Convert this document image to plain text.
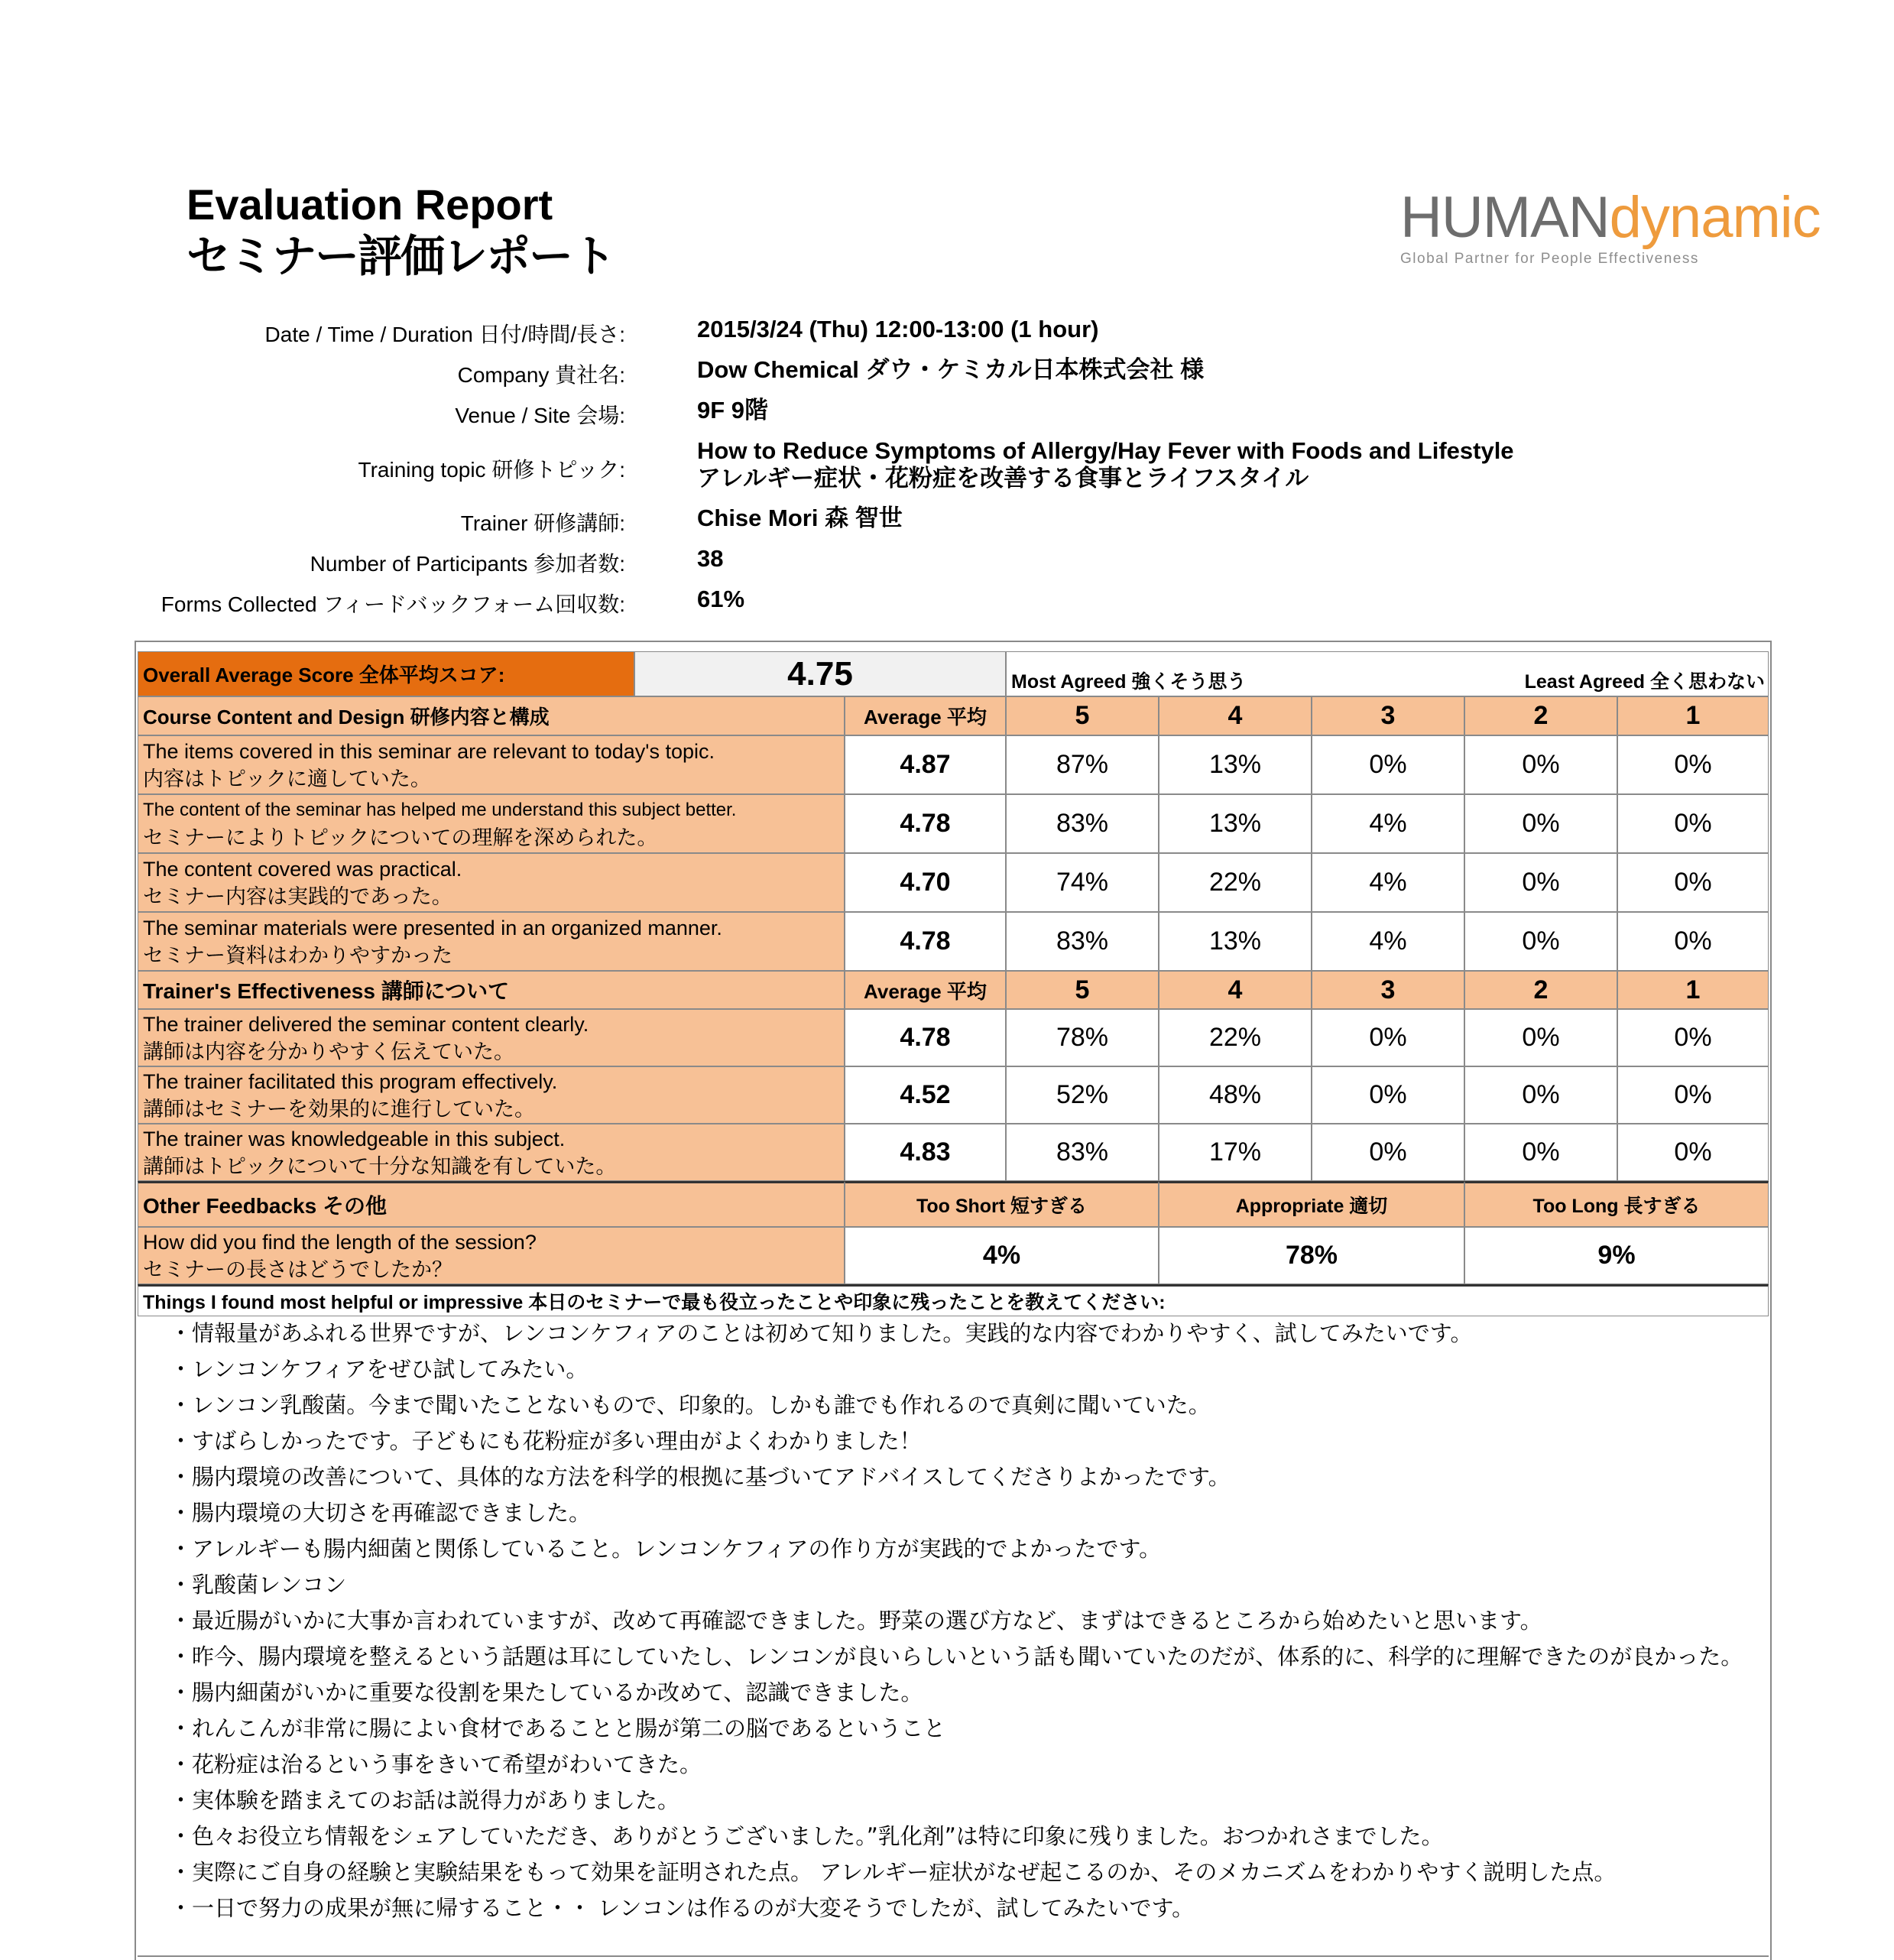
Evaluation Report
セミナー評価レポート
HUMANdynamic
Global Partner for People Effectiveness
Date / Time / Duration 日付/時間/長さ:	2015/3/24 (Thu) 12:00-13:00 (1 hour)
Company 貴社名:	Dow Chemical ダウ・ケミカル日本株式会社 様
Venue / Site 会場:	9F 9階
Training topic 研修トピック:
How to Reduce Symptoms of Allergy/Hay Fever with Foods and Lifestyle
アレルギー症状・花粉症を改善する食事とライフスタイル
Trainer 研修講師:	Chise Mori 森 智世
Number of Participants 参加者数:	38
Forms Collected フィードバックフォーム回収数:	61%
Overall Average Score 全体平均スコア:	4.75	Most Agreed 強くそう思う	Least Agreed 全く思わない
Course Content and Design 研修内容と構成	Average 平均	5	4	3	2	1
The items covered in this seminar are relevant to today's topic.
内容はトピックに適していた。	4.87	87%	13%	0%	0%	0%
The content of the seminar has helped me understand this subject better.
セミナーによりトピックについての理解を深められた。	4.78	83%	13%	4%	0%	0%
The content covered was practical.
セミナー内容は実践的であった。	4.70	74%	22%	4%	0%	0%
The seminar materials were presented in an organized manner.
セミナー資料はわかりやすかった	4.78	83%	13%	4%	0%	0%
Trainer's Effectiveness 講師について	Average 平均	5	4	3	2	1
The trainer delivered the seminar content clearly.
講師は内容を分かりやすく伝えていた。	4.78	78%	22%	0%	0%	0%
The trainer facilitated this program effectively.
講師はセミナーを効果的に進行していた。	4.52	52%	48%	0%	0%	0%
The trainer was knowledgeable in this subject.
講師はトピックについて十分な知識を有していた。	4.83	83%	17%	0%	0%	0%
Other Feedbacks その他	Too Short 短すぎる	Appropriate 適切	Too Long 長すぎる
How did you find the length of the session?
セミナーの長さはどうでしたか？	4%	78%	9%
Things I found most helpful or impressive 本日のセミナーで最も役立ったことや印象に残ったことを教えてください:
・情報量があふれる世界ですが、レンコンケフィアのことは初めて知りました。実践的な内容でわかりやすく、試してみたいです。
・レンコンケフィアをぜひ試してみたい。
・レンコン乳酸菌。今まで聞いたことないもので、印象的。しかも誰でも作れるので真剣に聞いていた。
・すばらしかったです。子どもにも花粉症が多い理由がよくわかりました！
・腸内環境の改善について、具体的な方法を科学的根拠に基づいてアドバイスしてくださりよかったです。
・腸内環境の大切さを再確認できました。
・アレルギーも腸内細菌と関係していること。レンコンケフィアの作り方が実践的でよかったです。
・乳酸菌レンコン
・最近腸がいかに大事か言われていますが、改めて再確認できました。野菜の選び方など、まずはできるところから始めたいと思います。
・昨今、腸内環境を整えるという話題は耳にしていたし、レンコンが良いらしいという話も聞いていたのだが、体系的に、科学的に理解できたのが良かった。
・腸内細菌がいかに重要な役割を果たしているか改めて、認識できました。
・れんこんが非常に腸によい食材であることと腸が第二の脳であるということ
・花粉症は治るという事をきいて希望がわいてきた。
・実体験を踏まえてのお話は説得力がありました。
・色々お役立ち情報をシェアしていただき、ありがとうございました。”乳化剤”は特に印象に残りました。おつかれさまでした。
・実際にご自身の経験と実験結果をもって効果を証明された点。 アレルギー症状がなぜ起こるのか、そのメカニズムをわかりやすく説明した点。
・一日で努力の成果が無に帰すること・・ レンコンは作るのが大変そうでしたが、試してみたいです。
